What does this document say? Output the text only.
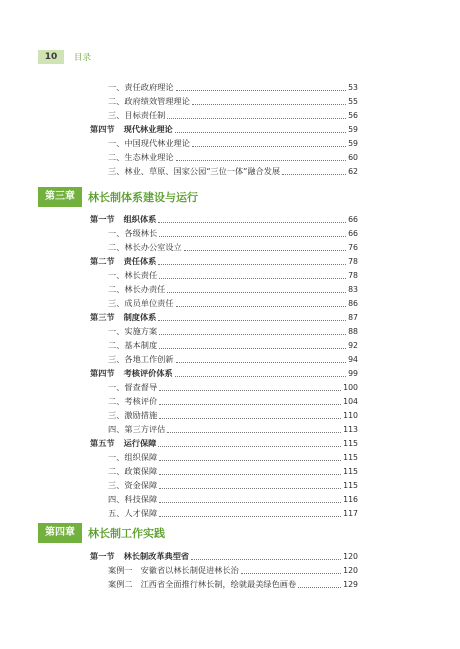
10	目录
一、责任政府理论	53
二、政府绩效管理理论	55
三、目标责任制	56
第四节 现代林业理论	59
一、中国现代林业理论	59
二、生态林业理论	60
三、林业、草原、国家公园“三位一体”融合发展	62
第三章	林长制体系建设与运行
第一节 组织体系	66
一、各级林长	66
二、林长办公室设立	76
第二节 责任体系	78
一、林长责任	78
二、林长办责任	83
三、成员单位责任	86
第三节 制度体系	87
一、实施方案	88
二、基本制度	92
三、各地工作创新	94
第四节 考核评价体系	99
一、督查督导	100
二、考核评价	104
三、激励措施	110
四、第三方评估	113
第五节 运行保障	115
一、组织保障	115
二、政策保障	115
三、资金保障	115
四、科技保障	116
五、人才保障	117
第四章	林长制工作实践
第一节 林长制改革典型省	120
案例一 安徽省以林长制促进林长治	120
案例二 江西省全面推行林长制，绘就最美绿色画卷	129
